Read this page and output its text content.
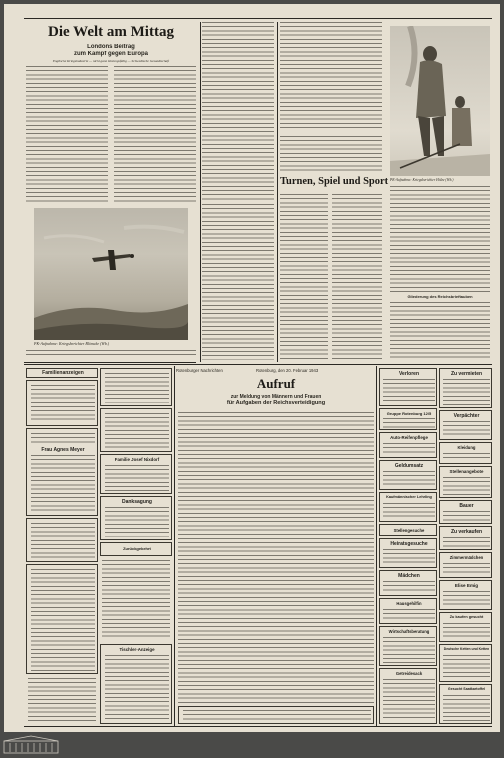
Die Welt am Mittag
Londons Beitrag
zum Kampf gegen Europa
Englische Kriegsindustrie — nicht ganz leistungsfähig — Schwedische Gesandtschaft
PK-Aufnahme: Kriegsberichter Blömcke (Wb.)
Turnen, Spiel und Sport PK-Aufnahme: Kriegsberichter Hölze (Wb.)
Gliederung des Reichsbrieftauben
Familienanzeigen
Frau Agnes Meyer
Familie Josef Nixdorf
Danksagung
Zurückgekehrt
Tischler-Anzeige
Rotenburger Nachrichten	Rotenburg, den 20. Februar 1943
Aufruf
zur Meldung von Männern und Frauen
für Aufgaben der Reichsverteidigung
Verloren
Gruppe Rotenburg 12/5
Auto-Reifenpflege
Geldumsatz
Kaufmännischer Lehrling
Stellengesuche
Heiratsgesuche
Mädchen
Hausgehilfin
Wirtschaftsberatung
Getreidesack
Zu vermieten
Verpächter
Kleidung
Stellenangebote
Bauer
Zu verkaufen
Zimmermädchen
Elise Emig
Zu kaufen gesucht
Deutsche Ketten und Ketten
Gesucht Saatkartoffel
